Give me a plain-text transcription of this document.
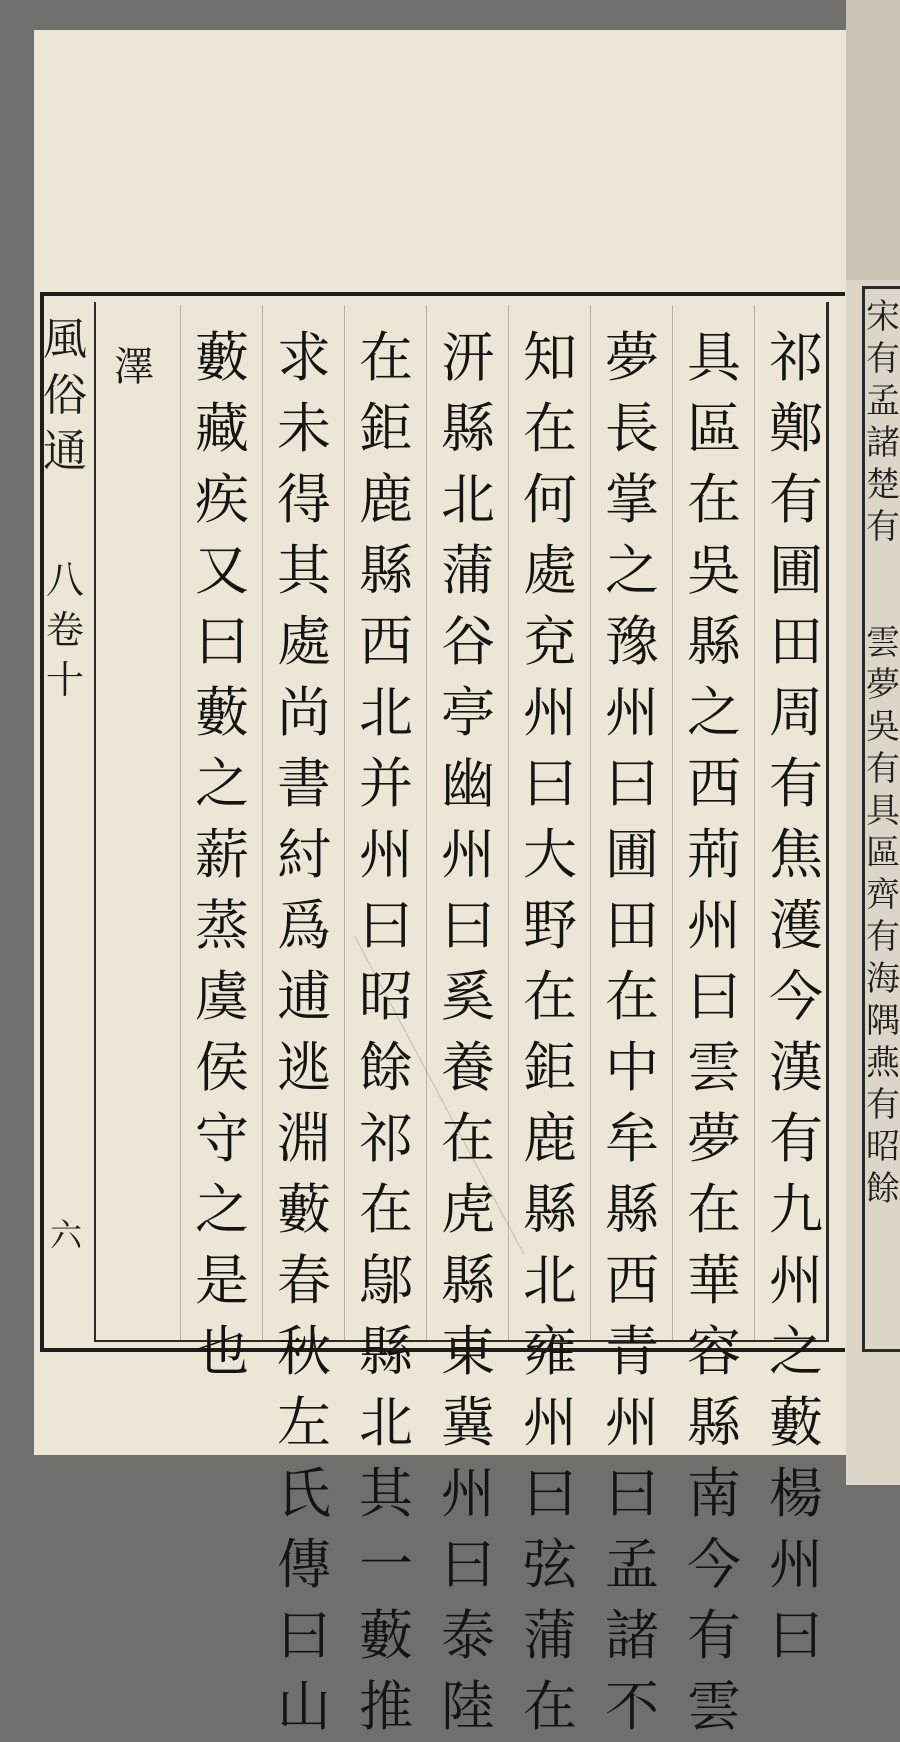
宋有孟諸楚有
雲夢吳有具區齊有海隅燕有昭餘
風俗通
八 卷十
六
澤	祁鄭有圃田周有焦濩今漢有九州之藪楊州曰
具區在吳縣之西荊州曰雲夢在華容縣南今有雲
夢長掌之豫州曰圃田在中牟縣西青州曰孟諸不
知在何處兗州曰大野在鉅鹿縣北雍州曰弦蒲在
汧縣北蒲谷亭幽州曰奚養在虎縣東冀州曰泰陸
在鉅鹿縣西北并州曰昭餘祁在鄔縣北其一藪推
求未得其處尚書紂爲逋逃淵藪春秋左氏傳曰山
藪藏疾又曰藪之薪蒸虞侯守之是也
